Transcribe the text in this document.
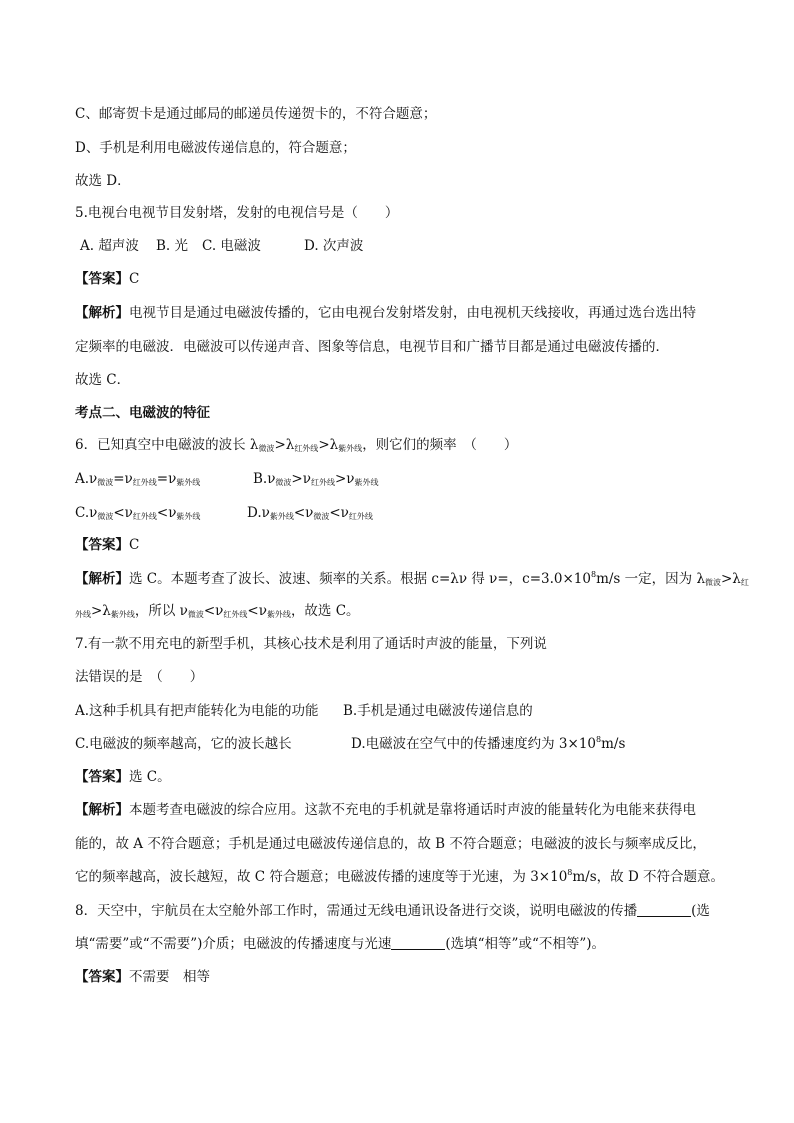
C、邮寄贺卡是通过邮局的邮递员传递贺卡的，不符合题意；
D、手机是利用电磁波传递信息的，符合题意；
故选 D．
5.电视台电视节目发射塔，发射的电视信号是（　　）
A. 超声波 B. 光 C. 电磁波	D. 次声波
【答案】C
【解析】电视节目是通过电磁波传播的，它由电视台发射塔发射，由电视机天线接收，再通过选台选出特
定频率的电磁波．电磁波可以传递声音、图象等信息，电视节目和广播节目都是通过电磁波传播的．
故选 C．
考点二、电磁波的特征
6．已知真空中电磁波的波长 $\lambda_{微波}>\lambda_{红外线}>\lambda_{紫外线}$，则它们的频率　（　　）
$A.\nu_{微波}=\nu_{红外线}=\nu_{紫外线}$	$B.\nu_{微波}>\nu_{红外线}>\nu_{紫外线}$
$C.\nu_{微波}<\nu_{红外线}<\nu_{紫外线}$	$D.\nu_{紫外线}<\nu_{微波}<\nu_{红外线}$
【答案】C
【解析】选 C。本题考查了波长、波速、频率的关系。根据 c=λν 得 ν=，$c=3.0\times 10^8m/s$ 一定，因为 $\lambda_{微波}>\lambda_红$
$_{外线}>\lambda_{紫外线}$，所以 $\nu_{微波}<\nu_{红外线}<\nu_{紫外线}$，故选 C。
7.有一款不用充电的新型手机，其核心技术是利用了通话时声波的能量，下列说
法错误的是　（　　）
A.这种手机具有把声能转化为电能的功能 B.手机是通过电磁波传递信息的
C.电磁波的频率越高，它的波长越长	D.电磁波在空气中的传播速度约为 $3\times 10^8m/s$
【答案】选 C。
【解析】本题考查电磁波的综合应用。这款不充电的手机就是靠将通话时声波的能量转化为电能来获得电
能的，故 A 不符合题意；手机是通过电磁波传递信息的，故 B 不符合题意；电磁波的波长与频率成反比，
它的频率越高，波长越短，故 C 符合题意；电磁波传播的速度等于光速，为 $3\times 10^8m/s$，故 D 不符合题意。
8．天空中，宇航员在太空舱外部工作时，需通过无线电通讯设备进行交谈，说明电磁波的传播	(选
填“需要”或“不需要”)介质；电磁波的传播速度与光速	(选填“相等”或“不相等”)。
【答案】不需要　相等
